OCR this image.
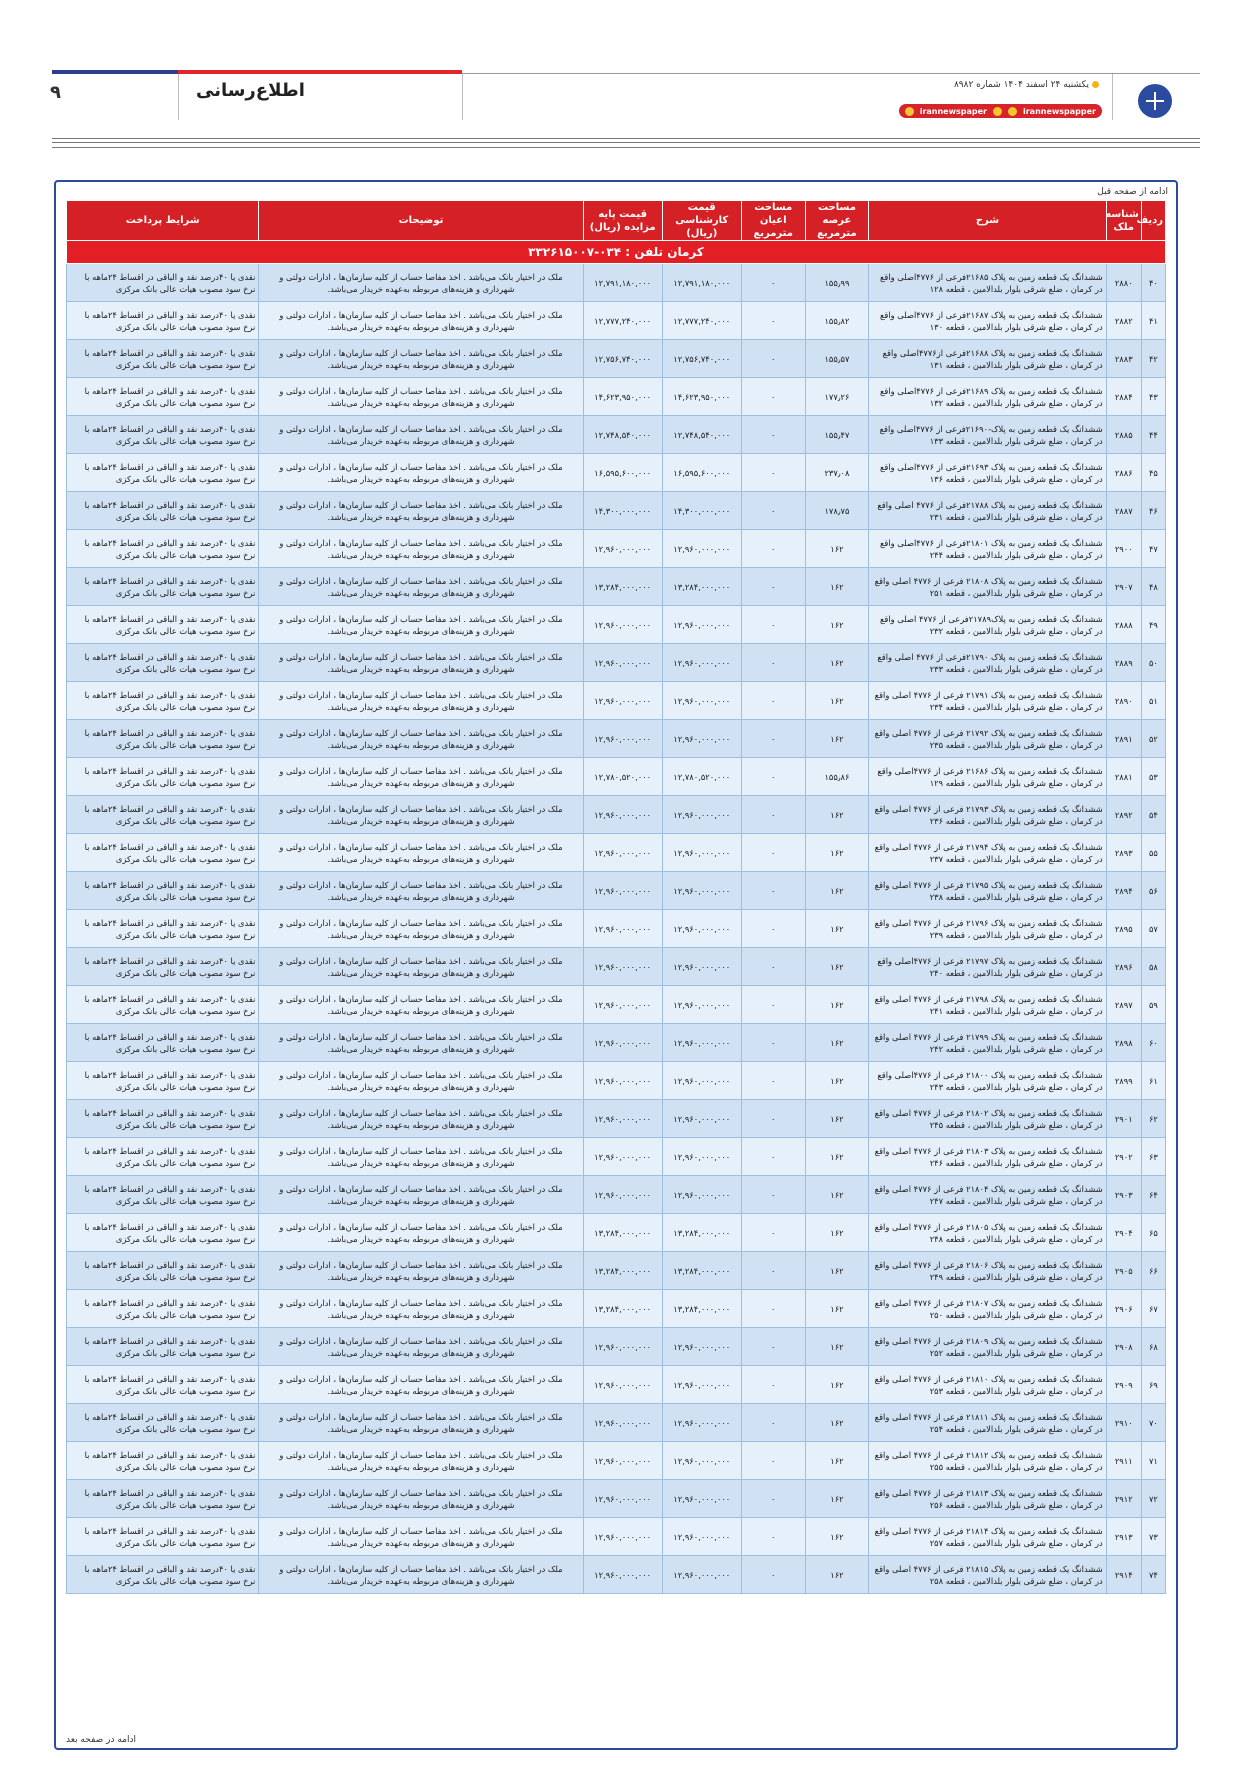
۹	اطلاع‌رسانی	یکشنبه ۲۴ اسفند ۱۴۰۴ شماره ۸۹۸۲
irannewspaper	irannewspapper
ادامه از صفحه قبل
ردیف	شناسه ملک	شرح	مساحت عرصه مترمربع	مساحت اعیان مترمربع	قیمت کارشناسی (ریال)	قیمت پایه مزایده (ریال)	توضیحات	شرایط پرداخت
کرمان تلفن : ۰۳۴-۳۳۲۶۱۵۰۰۷								
۴۰	۲۸۸۰	ششدانگ یک قطعه زمین به پلاک ۲۱۶۸۵فرعی از ۴۷۷۶اصلی واقع در کرمان ، ضلع شرقی بلوار بلدالامین ، قطعه ۱۲۸	۱۵۵٫۹۹	۰	۱۲,۷۹۱,۱۸۰,۰۰۰	۱۲,۷۹۱,۱۸۰,۰۰۰	ملک در اختیار بانک می‌باشد . اخذ مفاصا حساب از کلیه سازمان‌ها ، ادارات دولتی و شهرداری و هزینه‌های مربوطه به‌عهده خریدار می‌باشد.	نقدی یا ۴۰درصد نقد و الباقی در اقساط ۲۴ماهه با نرخ سود مصوب هیات عالی بانک مرکزی
۴۱	۲۸۸۲	ششدانگ یک قطعه زمین به پلاک ۲۱۶۸۷فرعی از ۴۷۷۶اصلی واقع در کرمان ، ضلع شرقی بلوار بلدالامین ، قطعه ۱۳۰	۱۵۵٫۸۲	۰	۱۲,۷۷۷,۲۴۰,۰۰۰	۱۲,۷۷۷,۲۴۰,۰۰۰	ملک در اختیار بانک می‌باشد . اخذ مفاصا حساب از کلیه سازمان‌ها ، ادارات دولتی و شهرداری و هزینه‌های مربوطه به‌عهده خریدار می‌باشد.	نقدی یا ۴۰درصد نقد و الباقی در اقساط ۲۴ماهه با نرخ سود مصوب هیات عالی بانک مرکزی
۴۲	۲۸۸۳	ششدانگ یک قطعه زمین به پلاک ۲۱۶۸۸فرعی از۴۷۷۶اصلی واقع در کرمان ، ضلع شرقی بلوار بلدالامین ، قطعه ۱۳۱	۱۵۵٫۵۷	۰	۱۲,۷۵۶,۷۴۰,۰۰۰	۱۲,۷۵۶,۷۴۰,۰۰۰	ملک در اختیار بانک می‌باشد . اخذ مفاصا حساب از کلیه سازمان‌ها ، ادارات دولتی و شهرداری و هزینه‌های مربوطه به‌عهده خریدار می‌باشد.	نقدی یا ۴۰درصد نقد و الباقی در اقساط ۲۴ماهه با نرخ سود مصوب هیات عالی بانک مرکزی
۴۳	۲۸۸۴	ششدانگ یک قطعه زمین به پلاک ۲۱۶۸۹فرعی از ۴۷۷۶اصلی واقع در کرمان ، ضلع شرقی بلوار بلدالامین ، قطعه ۱۳۲	۱۷۷٫۲۶	۰	۱۴,۶۲۳,۹۵۰,۰۰۰	۱۴,۶۲۳,۹۵۰,۰۰۰	ملک در اختیار بانک می‌باشد . اخذ مفاصا حساب از کلیه سازمان‌ها ، ادارات دولتی و شهرداری و هزینه‌های مربوطه به‌عهده خریدار می‌باشد.	نقدی یا ۴۰درصد نقد و الباقی در اقساط ۲۴ماهه با نرخ سود مصوب هیات عالی بانک مرکزی
۴۴	۲۸۸۵	ششدانگ یک قطعه زمین به پلاک-۲۱۶۹۰فرعی از ۴۷۷۶اصلی واقع در کرمان ، ضلع شرقی بلوار بلدالامین ، قطعه ۱۳۳	۱۵۵٫۴۷	۰	۱۲,۷۴۸,۵۴۰,۰۰۰	۱۲,۷۴۸,۵۴۰,۰۰۰	ملک در اختیار بانک می‌باشد . اخذ مفاصا حساب از کلیه سازمان‌ها ، ادارات دولتی و شهرداری و هزینه‌های مربوطه به‌عهده خریدار می‌باشد.	نقدی یا ۴۰درصد نقد و الباقی در اقساط ۲۴ماهه با نرخ سود مصوب هیات عالی بانک مرکزی
۴۵	۲۸۸۶	ششدانگ یک قطعه زمین به پلاک ۲۱۶۹۳فرعی از ۴۷۷۶اصلی واقع در کرمان ، ضلع شرقی بلوار بلدالامین ، قطعه ۱۳۶	۲۳۷٫۰۸	۰	۱۶,۵۹۵,۶۰۰,۰۰۰	۱۶,۵۹۵,۶۰۰,۰۰۰	ملک در اختیار بانک می‌باشد . اخذ مفاصا حساب از کلیه سازمان‌ها ، ادارات دولتی و شهرداری و هزینه‌های مربوطه به‌عهده خریدار می‌باشد.	نقدی یا ۴۰درصد نقد و الباقی در اقساط ۲۴ماهه با نرخ سود مصوب هیات عالی بانک مرکزی
۴۶	۲۸۸۷	ششدانگ یک قطعه زمین به پلاک ۲۱۷۸۸فرعی از ۴۷۷۶ اصلی واقع در کرمان ، ضلع شرقی بلوار بلدالامین ، قطعه ۲۳۱	۱۷۸٫۷۵	۰	۱۴,۳۰۰,۰۰۰,۰۰۰	۱۴,۳۰۰,۰۰۰,۰۰۰	ملک در اختیار بانک می‌باشد . اخذ مفاصا حساب از کلیه سازمان‌ها ، ادارات دولتی و شهرداری و هزینه‌های مربوطه به‌عهده خریدار می‌باشد.	نقدی یا ۴۰درصد نقد و الباقی در اقساط ۲۴ماهه با نرخ سود مصوب هیات عالی بانک مرکزی
۴۷	۲۹۰۰	ششدانگ یک قطعه زمین به پلاک ۲۱۸۰۱فرعی از ۴۷۷۶اصلی واقع در کرمان ، ضلع شرقی بلوار بلدالامین ، قطعه ۲۴۴	۱۶۲	۰	۱۲,۹۶۰,۰۰۰,۰۰۰	۱۲,۹۶۰,۰۰۰,۰۰۰	ملک در اختیار بانک می‌باشد . اخذ مفاصا حساب از کلیه سازمان‌ها ، ادارات دولتی و شهرداری و هزینه‌های مربوطه به‌عهده خریدار می‌باشد.	نقدی یا ۴۰درصد نقد و الباقی در اقساط ۲۴ماهه با نرخ سود مصوب هیات عالی بانک مرکزی
۴۸	۲۹۰۷	ششدانگ یک قطعه زمین به پلاک ۲۱۸۰۸ فرعی از ۴۷۷۶ اصلی واقع در کرمان ، ضلع شرقی بلوار بلدالامین ، قطعه ۲۵۱	۱۶۲	۰	۱۳,۲۸۴,۰۰۰,۰۰۰	۱۳,۲۸۴,۰۰۰,۰۰۰	ملک در اختیار بانک می‌باشد . اخذ مفاصا حساب از کلیه سازمان‌ها ، ادارات دولتی و شهرداری و هزینه‌های مربوطه به‌عهده خریدار می‌باشد.	نقدی یا ۴۰درصد نقد و الباقی در اقساط ۲۴ماهه با نرخ سود مصوب هیات عالی بانک مرکزی
۴۹	۲۸۸۸	ششدانگ یک قطعه زمین به پلاک۲۱۷۸۹فرعی از ۴۷۷۶ اصلی واقع در کرمان ، ضلع شرقی بلوار بلدالامین ، قطعه ۲۳۲	۱۶۲	۰	۱۲,۹۶۰,۰۰۰,۰۰۰	۱۲,۹۶۰,۰۰۰,۰۰۰	ملک در اختیار بانک می‌باشد . اخذ مفاصا حساب از کلیه سازمان‌ها ، ادارات دولتی و شهرداری و هزینه‌های مربوطه به‌عهده خریدار می‌باشد.	نقدی یا ۴۰درصد نقد و الباقی در اقساط ۲۴ماهه با نرخ سود مصوب هیات عالی بانک مرکزی
۵۰	۲۸۸۹	ششدانگ یک قطعه زمین به پلاک ۲۱۷۹۰فرعی از ۴۷۷۶ اصلی واقع در کرمان ، ضلع شرقی بلوار بلدالامین ، قطعه ۲۳۳	۱۶۲	۰	۱۲,۹۶۰,۰۰۰,۰۰۰	۱۲,۹۶۰,۰۰۰,۰۰۰	ملک در اختیار بانک می‌باشد . اخذ مفاصا حساب از کلیه سازمان‌ها ، ادارات دولتی و شهرداری و هزینه‌های مربوطه به‌عهده خریدار می‌باشد.	نقدی یا ۴۰درصد نقد و الباقی در اقساط ۲۴ماهه با نرخ سود مصوب هیات عالی بانک مرکزی
۵۱	۲۸۹۰	ششدانگ یک قطعه زمین به پلاک ۲۱۷۹۱ فرعی از ۴۷۷۶ اصلی واقع در کرمان ، ضلع شرقی بلوار بلدالامین ، قطعه ۲۳۴	۱۶۲	۰	۱۲,۹۶۰,۰۰۰,۰۰۰	۱۲,۹۶۰,۰۰۰,۰۰۰	ملک در اختیار بانک می‌باشد . اخذ مفاصا حساب از کلیه سازمان‌ها ، ادارات دولتی و شهرداری و هزینه‌های مربوطه به‌عهده خریدار می‌باشد.	نقدی یا ۴۰درصد نقد و الباقی در اقساط ۲۴ماهه با نرخ سود مصوب هیات عالی بانک مرکزی
۵۲	۲۸۹۱	ششدانگ یک قطعه زمین به پلاک ۲۱۷۹۲ فرعی از ۴۷۷۶ اصلی واقع در کرمان ، ضلع شرقی بلوار بلدالامین ، قطعه ۲۳۵	۱۶۲	۰	۱۲,۹۶۰,۰۰۰,۰۰۰	۱۲,۹۶۰,۰۰۰,۰۰۰	ملک در اختیار بانک می‌باشد . اخذ مفاصا حساب از کلیه سازمان‌ها ، ادارات دولتی و شهرداری و هزینه‌های مربوطه به‌عهده خریدار می‌باشد.	نقدی یا ۴۰درصد نقد و الباقی در اقساط ۲۴ماهه با نرخ سود مصوب هیات عالی بانک مرکزی
۵۳	۲۸۸۱	ششدانگ یک قطعه زمین به پلاک ۲۱۶۸۶ فرعی از ۴۷۷۶اصلی واقع در کرمان ، ضلع شرقی بلوار بلدالامین ، قطعه ۱۲۹	۱۵۵٫۸۶	۰	۱۲,۷۸۰,۵۲۰,۰۰۰	۱۲,۷۸۰,۵۲۰,۰۰۰	ملک در اختیار بانک می‌باشد . اخذ مفاصا حساب از کلیه سازمان‌ها ، ادارات دولتی و شهرداری و هزینه‌های مربوطه به‌عهده خریدار می‌باشد.	نقدی یا ۴۰درصد نقد و الباقی در اقساط ۲۴ماهه با نرخ سود مصوب هیات عالی بانک مرکزی
۵۴	۲۸۹۲	ششدانگ یک قطعه زمین به پلاک ۲۱۷۹۳ فرعی از ۴۷۷۶ اصلی واقع در کرمان ، ضلع شرقی بلوار بلدالامین ، قطعه ۲۳۶	۱۶۲	۰	۱۲,۹۶۰,۰۰۰,۰۰۰	۱۲,۹۶۰,۰۰۰,۰۰۰	ملک در اختیار بانک می‌باشد . اخذ مفاصا حساب از کلیه سازمان‌ها ، ادارات دولتی و شهرداری و هزینه‌های مربوطه به‌عهده خریدار می‌باشد.	نقدی یا ۴۰درصد نقد و الباقی در اقساط ۲۴ماهه با نرخ سود مصوب هیات عالی بانک مرکزی
۵۵	۲۸۹۳	ششدانگ یک قطعه زمین به پلاک ۲۱۷۹۴ فرعی از ۴۷۷۶ اصلی واقع در کرمان ، ضلع شرقی بلوار بلدالامین ، قطعه ۲۳۷	۱۶۲	۰	۱۲,۹۶۰,۰۰۰,۰۰۰	۱۲,۹۶۰,۰۰۰,۰۰۰	ملک در اختیار بانک می‌باشد . اخذ مفاصا حساب از کلیه سازمان‌ها ، ادارات دولتی و شهرداری و هزینه‌های مربوطه به‌عهده خریدار می‌باشد.	نقدی یا ۴۰درصد نقد و الباقی در اقساط ۲۴ماهه با نرخ سود مصوب هیات عالی بانک مرکزی
۵۶	۲۸۹۴	ششدانگ یک قطعه زمین به پلاک ۲۱۷۹۵ فرعی از ۴۷۷۶ اصلی واقع در کرمان ، ضلع شرقی بلوار بلدالامین ، قطعه ۲۳۸	۱۶۲	۰	۱۲,۹۶۰,۰۰۰,۰۰۰	۱۲,۹۶۰,۰۰۰,۰۰۰	ملک در اختیار بانک می‌باشد . اخذ مفاصا حساب از کلیه سازمان‌ها ، ادارات دولتی و شهرداری و هزینه‌های مربوطه به‌عهده خریدار می‌باشد.	نقدی یا ۴۰درصد نقد و الباقی در اقساط ۲۴ماهه با نرخ سود مصوب هیات عالی بانک مرکزی
۵۷	۲۸۹۵	ششدانگ یک قطعه زمین به پلاک ۲۱۷۹۶ فرعی از ۴۷۷۶ اصلی واقع در کرمان ، ضلع شرقی بلوار بلدالامین ، قطعه ۲۳۹	۱۶۲	۰	۱۲,۹۶۰,۰۰۰,۰۰۰	۱۲,۹۶۰,۰۰۰,۰۰۰	ملک در اختیار بانک می‌باشد . اخذ مفاصا حساب از کلیه سازمان‌ها ، ادارات دولتی و شهرداری و هزینه‌های مربوطه به‌عهده خریدار می‌باشد.	نقدی یا ۴۰درصد نقد و الباقی در اقساط ۲۴ماهه با نرخ سود مصوب هیات عالی بانک مرکزی
۵۸	۲۸۹۶	ششدانگ یک قطعه زمین به پلاک ۲۱۷۹۷ فرعی از ۴۷۷۶اصلی واقع در کرمان ، ضلع شرقی بلوار بلدالامین ، قطعه ۲۴۰	۱۶۲	۰	۱۲,۹۶۰,۰۰۰,۰۰۰	۱۲,۹۶۰,۰۰۰,۰۰۰	ملک در اختیار بانک می‌باشد . اخذ مفاصا حساب از کلیه سازمان‌ها ، ادارات دولتی و شهرداری و هزینه‌های مربوطه به‌عهده خریدار می‌باشد.	نقدی یا ۴۰درصد نقد و الباقی در اقساط ۲۴ماهه با نرخ سود مصوب هیات عالی بانک مرکزی
۵۹	۲۸۹۷	ششدانگ یک قطعه زمین به پلاک ۲۱۷۹۸ فرعی از ۴۷۷۶ اصلی واقع در کرمان ، ضلع شرقی بلوار بلدالامین ، قطعه ۲۴۱	۱۶۲	۰	۱۲,۹۶۰,۰۰۰,۰۰۰	۱۲,۹۶۰,۰۰۰,۰۰۰	ملک در اختیار بانک می‌باشد . اخذ مفاصا حساب از کلیه سازمان‌ها ، ادارات دولتی و شهرداری و هزینه‌های مربوطه به‌عهده خریدار می‌باشد.	نقدی یا ۴۰درصد نقد و الباقی در اقساط ۲۴ماهه با نرخ سود مصوب هیات عالی بانک مرکزی
۶۰	۲۸۹۸	ششدانگ یک قطعه زمین به پلاک ۲۱۷۹۹ فرعی از ۴۷۷۶ اصلی واقع در کرمان ، ضلع شرقی بلوار بلدالامین ، قطعه ۲۴۲	۱۶۲	۰	۱۲,۹۶۰,۰۰۰,۰۰۰	۱۲,۹۶۰,۰۰۰,۰۰۰	ملک در اختیار بانک می‌باشد . اخذ مفاصا حساب از کلیه سازمان‌ها ، ادارات دولتی و شهرداری و هزینه‌های مربوطه به‌عهده خریدار می‌باشد.	نقدی یا ۴۰درصد نقد و الباقی در اقساط ۲۴ماهه با نرخ سود مصوب هیات عالی بانک مرکزی
۶۱	۲۸۹۹	ششدانگ یک قطعه زمین به پلاک ۲۱۸۰۰ فرعی از ۴۷۷۶اصلی واقع در کرمان ، ضلع شرقی بلوار بلدالامین ، قطعه ۲۴۳	۱۶۲	۰	۱۲,۹۶۰,۰۰۰,۰۰۰	۱۲,۹۶۰,۰۰۰,۰۰۰	ملک در اختیار بانک می‌باشد . اخذ مفاصا حساب از کلیه سازمان‌ها ، ادارات دولتی و شهرداری و هزینه‌های مربوطه به‌عهده خریدار می‌باشد.	نقدی یا ۴۰درصد نقد و الباقی در اقساط ۲۴ماهه با نرخ سود مصوب هیات عالی بانک مرکزی
۶۲	۲۹۰۱	ششدانگ یک قطعه زمین به پلاک ۲۱۸۰۲ فرعی از ۴۷۷۶ اصلی واقع در کرمان ، ضلع شرقی بلوار بلدالامین ، قطعه ۲۴۵	۱۶۲	۰	۱۲,۹۶۰,۰۰۰,۰۰۰	۱۲,۹۶۰,۰۰۰,۰۰۰	ملک در اختیار بانک می‌باشد . اخذ مفاصا حساب از کلیه سازمان‌ها ، ادارات دولتی و شهرداری و هزینه‌های مربوطه به‌عهده خریدار می‌باشد.	نقدی یا ۴۰درصد نقد و الباقی در اقساط ۲۴ماهه با نرخ سود مصوب هیات عالی بانک مرکزی
۶۳	۲۹۰۲	ششدانگ یک قطعه زمین به پلاک ۲۱۸۰۳ فرعی از ۴۷۷۶ اصلی واقع در کرمان ، ضلع شرقی بلوار بلدالامین ، قطعه ۲۴۶	۱۶۲	۰	۱۲,۹۶۰,۰۰۰,۰۰۰	۱۲,۹۶۰,۰۰۰,۰۰۰	ملک در اختیار بانک می‌باشد . اخذ مفاصا حساب از کلیه سازمان‌ها ، ادارات دولتی و شهرداری و هزینه‌های مربوطه به‌عهده خریدار می‌باشد.	نقدی یا ۴۰درصد نقد و الباقی در اقساط ۲۴ماهه با نرخ سود مصوب هیات عالی بانک مرکزی
۶۴	۲۹۰۳	ششدانگ یک قطعه زمین به پلاک ۲۱۸۰۴ فرعی از ۴۷۷۶ اصلی واقع در کرمان ، ضلع شرقی بلوار بلدالامین ، قطعه ۲۴۷	۱۶۲	۰	۱۲,۹۶۰,۰۰۰,۰۰۰	۱۲,۹۶۰,۰۰۰,۰۰۰	ملک در اختیار بانک می‌باشد . اخذ مفاصا حساب از کلیه سازمان‌ها ، ادارات دولتی و شهرداری و هزینه‌های مربوطه به‌عهده خریدار می‌باشد.	نقدی یا ۴۰درصد نقد و الباقی در اقساط ۲۴ماهه با نرخ سود مصوب هیات عالی بانک مرکزی
۶۵	۲۹۰۴	ششدانگ یک قطعه زمین به پلاک ۲۱۸۰۵ فرعی از ۴۷۷۶ اصلی واقع در کرمان ، ضلع شرقی بلوار بلدالامین ، قطعه ۲۴۸	۱۶۲	۰	۱۳,۲۸۴,۰۰۰,۰۰۰	۱۳,۲۸۴,۰۰۰,۰۰۰	ملک در اختیار بانک می‌باشد . اخذ مفاصا حساب از کلیه سازمان‌ها ، ادارات دولتی و شهرداری و هزینه‌های مربوطه به‌عهده خریدار می‌باشد.	نقدی یا ۴۰درصد نقد و الباقی در اقساط ۲۴ماهه با نرخ سود مصوب هیات عالی بانک مرکزی
۶۶	۲۹۰۵	ششدانگ یک قطعه زمین به پلاک ۲۱۸۰۶ فرعی از ۴۷۷۶ اصلی واقع در کرمان ، ضلع شرقی بلوار بلدالامین ، قطعه ۲۴۹	۱۶۲	۰	۱۳,۲۸۴,۰۰۰,۰۰۰	۱۳,۲۸۴,۰۰۰,۰۰۰	ملک در اختیار بانک می‌باشد . اخذ مفاصا حساب از کلیه سازمان‌ها ، ادارات دولتی و شهرداری و هزینه‌های مربوطه به‌عهده خریدار می‌باشد.	نقدی یا ۴۰درصد نقد و الباقی در اقساط ۲۴ماهه با نرخ سود مصوب هیات عالی بانک مرکزی
۶۷	۲۹۰۶	ششدانگ یک قطعه زمین به پلاک ۲۱۸۰۷ فرعی از ۴۷۷۶ اصلی واقع در کرمان ، ضلع شرقی بلوار بلدالامین ، قطعه ۲۵۰	۱۶۲	۰	۱۳,۲۸۴,۰۰۰,۰۰۰	۱۳,۲۸۴,۰۰۰,۰۰۰	ملک در اختیار بانک می‌باشد . اخذ مفاصا حساب از کلیه سازمان‌ها ، ادارات دولتی و شهرداری و هزینه‌های مربوطه به‌عهده خریدار می‌باشد.	نقدی یا ۴۰درصد نقد و الباقی در اقساط ۲۴ماهه با نرخ سود مصوب هیات عالی بانک مرکزی
۶۸	۲۹۰۸	ششدانگ یک قطعه زمین به پلاک ۲۱۸۰۹ فرعی از ۴۷۷۶ اصلی واقع در کرمان ، ضلع شرقی بلوار بلدالامین ، قطعه ۲۵۲	۱۶۲	۰	۱۲,۹۶۰,۰۰۰,۰۰۰	۱۲,۹۶۰,۰۰۰,۰۰۰	ملک در اختیار بانک می‌باشد . اخذ مفاصا حساب از کلیه سازمان‌ها ، ادارات دولتی و شهرداری و هزینه‌های مربوطه به‌عهده خریدار می‌باشد.	نقدی یا ۴۰درصد نقد و الباقی در اقساط ۲۴ماهه با نرخ سود مصوب هیات عالی بانک مرکزی
۶۹	۲۹۰۹	ششدانگ یک قطعه زمین به پلاک ۲۱۸۱۰ فرعی از ۴۷۷۶ اصلی واقع در کرمان ، ضلع شرقی بلوار بلدالامین ، قطعه ۲۵۳	۱۶۲	۰	۱۲,۹۶۰,۰۰۰,۰۰۰	۱۲,۹۶۰,۰۰۰,۰۰۰	ملک در اختیار بانک می‌باشد . اخذ مفاصا حساب از کلیه سازمان‌ها ، ادارات دولتی و شهرداری و هزینه‌های مربوطه به‌عهده خریدار می‌باشد.	نقدی یا ۴۰درصد نقد و الباقی در اقساط ۲۴ماهه با نرخ سود مصوب هیات عالی بانک مرکزی
۷۰	۲۹۱۰	ششدانگ یک قطعه زمین به پلاک ۲۱۸۱۱ فرعی از ۴۷۷۶ اصلی واقع در کرمان ، ضلع شرقی بلوار بلدالامین ، قطعه ۲۵۴	۱۶۲	۰	۱۲,۹۶۰,۰۰۰,۰۰۰	۱۲,۹۶۰,۰۰۰,۰۰۰	ملک در اختیار بانک می‌باشد . اخذ مفاصا حساب از کلیه سازمان‌ها ، ادارات دولتی و شهرداری و هزینه‌های مربوطه به‌عهده خریدار می‌باشد.	نقدی یا ۴۰درصد نقد و الباقی در اقساط ۲۴ماهه با نرخ سود مصوب هیات عالی بانک مرکزی
۷۱	۲۹۱۱	ششدانگ یک قطعه زمین به پلاک ۲۱۸۱۲ فرعی از ۴۷۷۶ اصلی واقع در کرمان ، ضلع شرقی بلوار بلدالامین ، قطعه ۲۵۵	۱۶۲	۰	۱۲,۹۶۰,۰۰۰,۰۰۰	۱۲,۹۶۰,۰۰۰,۰۰۰	ملک در اختیار بانک می‌باشد . اخذ مفاصا حساب از کلیه سازمان‌ها ، ادارات دولتی و شهرداری و هزینه‌های مربوطه به‌عهده خریدار می‌باشد.	نقدی یا ۴۰درصد نقد و الباقی در اقساط ۲۴ماهه با نرخ سود مصوب هیات عالی بانک مرکزی
۷۲	۲۹۱۲	ششدانگ یک قطعه زمین به پلاک ۲۱۸۱۳ فرعی از ۴۷۷۶ اصلی واقع در کرمان ، ضلع شرقی بلوار بلدالامین ، قطعه ۲۵۶	۱۶۲	۰	۱۲,۹۶۰,۰۰۰,۰۰۰	۱۲,۹۶۰,۰۰۰,۰۰۰	ملک در اختیار بانک می‌باشد . اخذ مفاصا حساب از کلیه سازمان‌ها ، ادارات دولتی و شهرداری و هزینه‌های مربوطه به‌عهده خریدار می‌باشد.	نقدی یا ۴۰درصد نقد و الباقی در اقساط ۲۴ماهه با نرخ سود مصوب هیات عالی بانک مرکزی
۷۳	۲۹۱۳	ششدانگ یک قطعه زمین به پلاک ۲۱۸۱۴ فرعی از ۴۷۷۶ اصلی واقع در کرمان ، ضلع شرقی بلوار بلدالامین ، قطعه ۲۵۷	۱۶۲	۰	۱۲,۹۶۰,۰۰۰,۰۰۰	۱۲,۹۶۰,۰۰۰,۰۰۰	ملک در اختیار بانک می‌باشد . اخذ مفاصا حساب از کلیه سازمان‌ها ، ادارات دولتی و شهرداری و هزینه‌های مربوطه به‌عهده خریدار می‌باشد.	نقدی یا ۴۰درصد نقد و الباقی در اقساط ۲۴ماهه با نرخ سود مصوب هیات عالی بانک مرکزی
۷۴	۲۹۱۴	ششدانگ یک قطعه زمین به پلاک ۲۱۸۱۵ فرعی از ۴۷۷۶ اصلی واقع در کرمان ، ضلع شرقی بلوار بلدالامین ، قطعه ۲۵۸	۱۶۲	۰	۱۲,۹۶۰,۰۰۰,۰۰۰	۱۲,۹۶۰,۰۰۰,۰۰۰	ملک در اختیار بانک می‌باشد . اخذ مفاصا حساب از کلیه سازمان‌ها ، ادارات دولتی و شهرداری و هزینه‌های مربوطه به‌عهده خریدار می‌باشد.	نقدی یا ۴۰درصد نقد و الباقی در اقساط ۲۴ماهه با نرخ سود مصوب هیات عالی بانک مرکزی
ادامه در صفحه بعد
